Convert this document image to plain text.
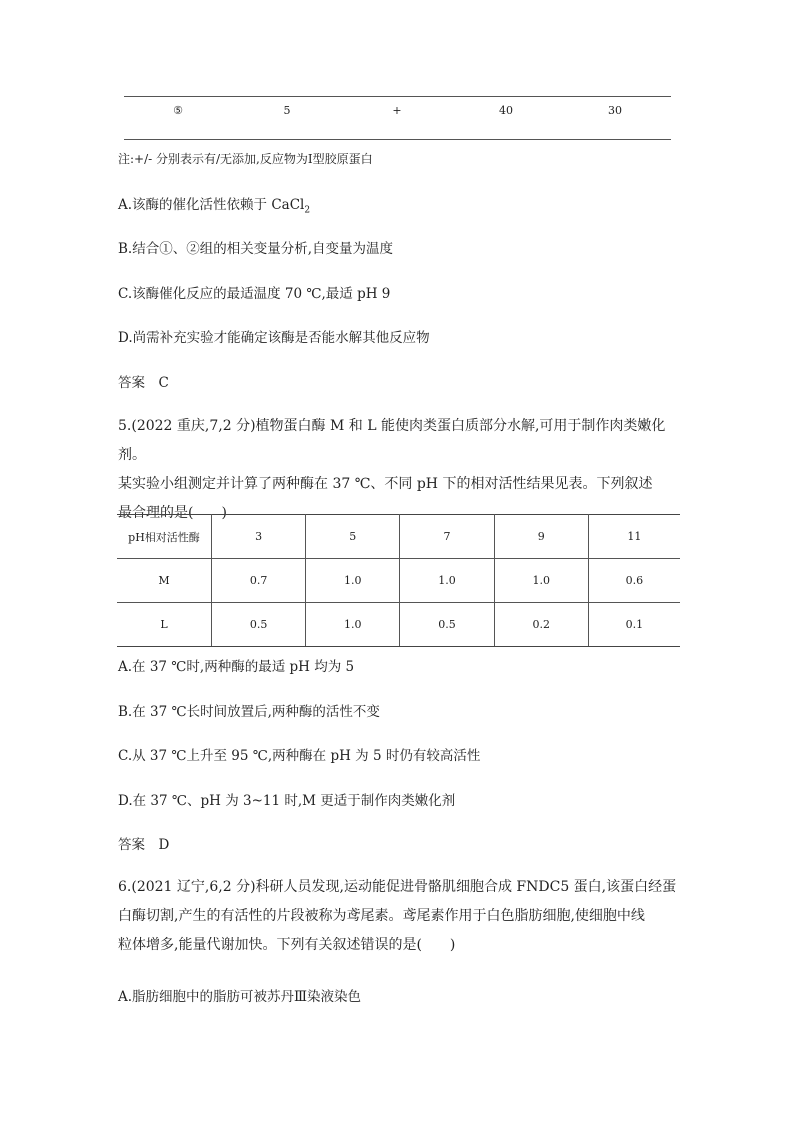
⑤	5	+	40	30
注:+/- 分别表示有/无添加,反应物为Ⅰ型胶原蛋白
A.该酶的催化活性依赖于 CaCl$_2$
B.结合①、②组的相关变量分析,自变量为温度
C.该酶催化反应的最适温度 70 ℃,最适 pH 9
D.尚需补充实验才能确定该酶是否能水解其他反应物
答案　C
5.(2022 重庆,7,2 分)植物蛋白酶 M 和 L 能使肉类蛋白质部分水解,可用于制作肉类嫩化剂。
某实验小组测定并计算了两种酶在 37 ℃、不同 pH 下的相对活性结果见表。下列叙述
最合理的是(　　)
pH相对活性酶	3	5	7	9	11
M	0.7	1.0	1.0	1.0	0.6
L	0.5	1.0	0.5	0.2	0.1
A.在 37 ℃时,两种酶的最适 pH 均为 5
B.在 37 ℃长时间放置后,两种酶的活性不变
C.从 37 ℃上升至 95 ℃,两种酶在 pH 为 5 时仍有较高活性
D.在 37 ℃、pH 为 3~11 时,M 更适于制作肉类嫩化剂
答案　D
6.(2021 辽宁,6,2 分)科研人员发现,运动能促进骨骼肌细胞合成 FNDC5 蛋白,该蛋白经蛋
白酶切割,产生的有活性的片段被称为鸢尾素。鸢尾素作用于白色脂肪细胞,使细胞中线
粒体增多,能量代谢加快。下列有关叙述错误的是(　　)
A.脂肪细胞中的脂肪可被苏丹Ⅲ染液染色
